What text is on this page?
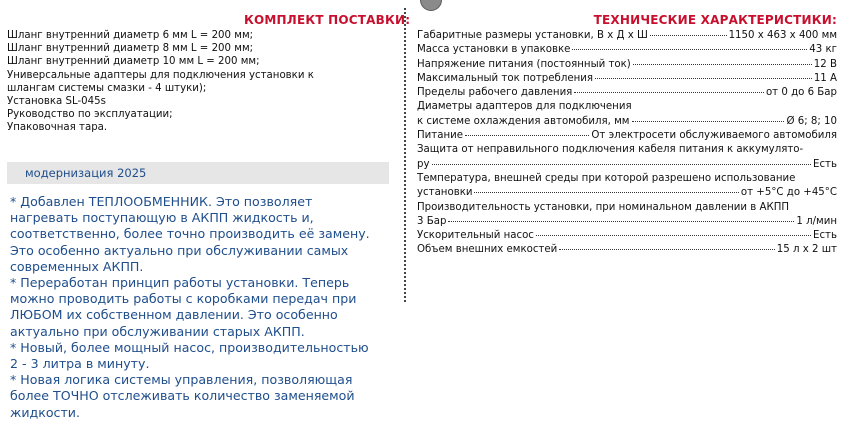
КОМПЛЕКТ ПОСТАВКИ:
Шланг внутренний диаметр 6 мм L = 200 мм;
Шланг внутренний диаметр 8 мм L = 200 мм;
Шланг внутренний диаметр 10 мм L = 200 мм;
Универсальные адаптеры для подключения установки к
шлангам системы смазки - 4 штуки);
Установка SL-045s
Руководство по эксплуатации;
Упаковочная тара.
модернизация 2025
* Добавлен ТЕПЛООБМЕННИК. Это позволяет
нагревать поступающую в АКПП жидкость и,
соответственно, более точно производить её замену.
Это особенно актуально при обслуживании самых
современных АКПП.
* Переработан принцип работы установки. Теперь
можно проводить работы с коробками передач при
ЛЮБОМ их собственном давлении. Это особенно
актуально при обслуживании старых АКПП.
* Новый, более мощный насос, производительностью
2 - 3 литра в минуту.
* Новая логика системы управления, позволяющая
более ТОЧНО отслеживать количество заменяемой
жидкости.
ТЕХНИЧЕСКИЕ ХАРАКТЕРИСТИКИ:
Габаритные размеры установки, В х Д х Ш	1150 х 463 х 400 мм
Масса установки в упаковке	43 кг
Напряжение питания (постоянный ток)	12 В
Максимальный ток потребления	11 А
Пределы рабочего давления	от 0 до 6 Бар
Диаметры адаптеров для подключения
к системе охлаждения автомобиля, мм	Ø 6; 8; 10
Питание	От электросети обслуживаемого автомобиля
Защита от неправильного подключения кабеля питания к аккумулято-
ру	Есть
Температура, внешней среды при которой разрешено использование
установки	от +5°С до +45°С
Производительность установки, при номинальном давлении в АКПП
3 Бар	1 л/мин
Ускорительный насос	Есть
Объем внешних емкостей	15 л х 2 шт
